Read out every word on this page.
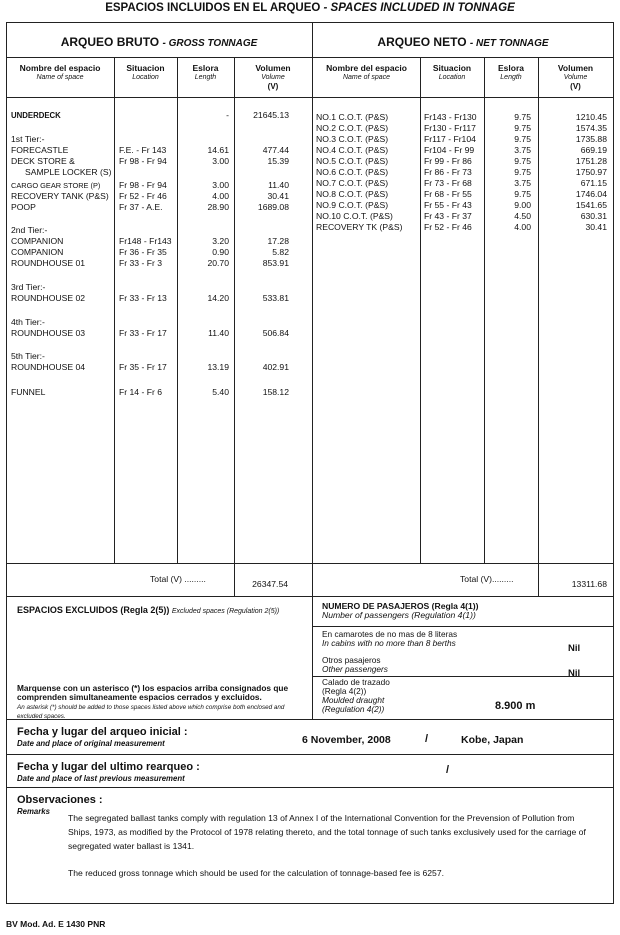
ESPACIOS INCLUIDOS EN EL ARQUEO - SPACES INCLUDED IN TONNAGE
ARQUEO BRUTO - GROSS TONNAGE
Nombre del espacio
Name of space
Situacion
Location
Eslora
Length
Volumen
Volume
(V)
ARQUEO NETO - NET TONNAGE
Nombre del espacio
Name of space
Situacion
Location
Eslora
Length
Volumen
Volume
(V)
UNDERDECK	-	21645.13
1st Tier:-
FORECASTLE	F.E. - Fr 143	14.61	477.44
DECK STORE &	Fr 98 - Fr 94	3.00	15.39
SAMPLE LOCKER (S)
CARGO GEAR STORE (P) Fr 98 - Fr 94	3.00	11.40
RECOVERY TANK (P&S) Fr 52 - Fr 46	4.00	30.41
POOP	Fr 37 - A.E.	28.90	1689.08
2nd Tier:-
COMPANION	Fr148 - Fr143	3.20	17.28
COMPANION	Fr 36 - Fr 35	0.90	5.82
ROUNDHOUSE 01	Fr 33 - Fr 3	20.70	853.91
3rd Tier:-
ROUNDHOUSE 02	Fr 33 - Fr 13	14.20	533.81
4th Tier:-
ROUNDHOUSE 03	Fr 33 - Fr 17	11.40	506.84
5th Tier:-
ROUNDHOUSE 04	Fr 35 - Fr 17	13.19	402.91
FUNNEL	Fr 14 - Fr 6	5.40	158.12
NO.1 C.O.T. (P&S)	Fr143 - Fr130	9.75	1210.45
NO.2 C.O.T. (P&S)	Fr130 - Fr117	9.75	1574.35
NO.3 C.O.T. (P&S)	Fr117 - Fr104	9.75	1735.88
NO.4 C.O.T. (P&S)	Fr104 - Fr 99	3.75	669.19
NO.5 C.O.T. (P&S)	Fr 99 - Fr 86	9.75	1751.28
NO.6 C.O.T. (P&S)	Fr 86 - Fr 73	9.75	1750.97
NO.7 C.O.T. (P&S)	Fr 73 - Fr 68	3.75	671.15
NO.8 C.O.T. (P&S)	Fr 68 - Fr 55	9.75	1746.04
NO.9 C.O.T. (P&S)	Fr 55 - Fr 43	9.00	1541.65
NO.10 C.O.T. (P&S)	Fr 43 - Fr 37	4.50	630.31
RECOVERY TK (P&S)	Fr 52 - Fr 46	4.00	30.41
Total (V) .........	26347.54	Total (V).........	13311.68
ESPACIOS EXCLUIDOS (Regla 2(5)) Excluded spaces (Regulation 2(5))
Marquense con un asterisco (*) los espacios arriba consignados que comprenden simultaneamente espacios cerrados y excluidos.
An asterisk (*) should be added to those spaces listed above which comprise both enclosed and excluded spaces.
NUMERO DE PASAJEROS (Regla 4(1))
Number of passengers (Regulation 4(1))
En camarotes de no mas de 8 literas
In cabins with no more than 8 berths	Nil
Otros pasajeros
Other passengers	Nil
Calado de trazado
(Regla 4(2))
Moulded draught
(Regulation 4(2))	8.900 m
Fecha y lugar del arqueo inicial :
Date and place of original measurement	6 November, 2008	/	Kobe, Japan
Fecha y lugar del ultimo rearqueo :
Date and place of last previous measurement
/
Observaciones :
Remarks
The segregated ballast tanks comply with regulation 13 of Annex I of the International Convention for the Prevension of Pollution from Ships, 1973, as modified by the Protocol of 1978 relating thereto, and the total tonnage of such tanks exclusively used for the carriage of segregated water ballast is 1341.
The reduced gross tonnage which should be used for the calculation of tonnage-based fee is 6257.
BV Mod. Ad. E 1430 PNR
